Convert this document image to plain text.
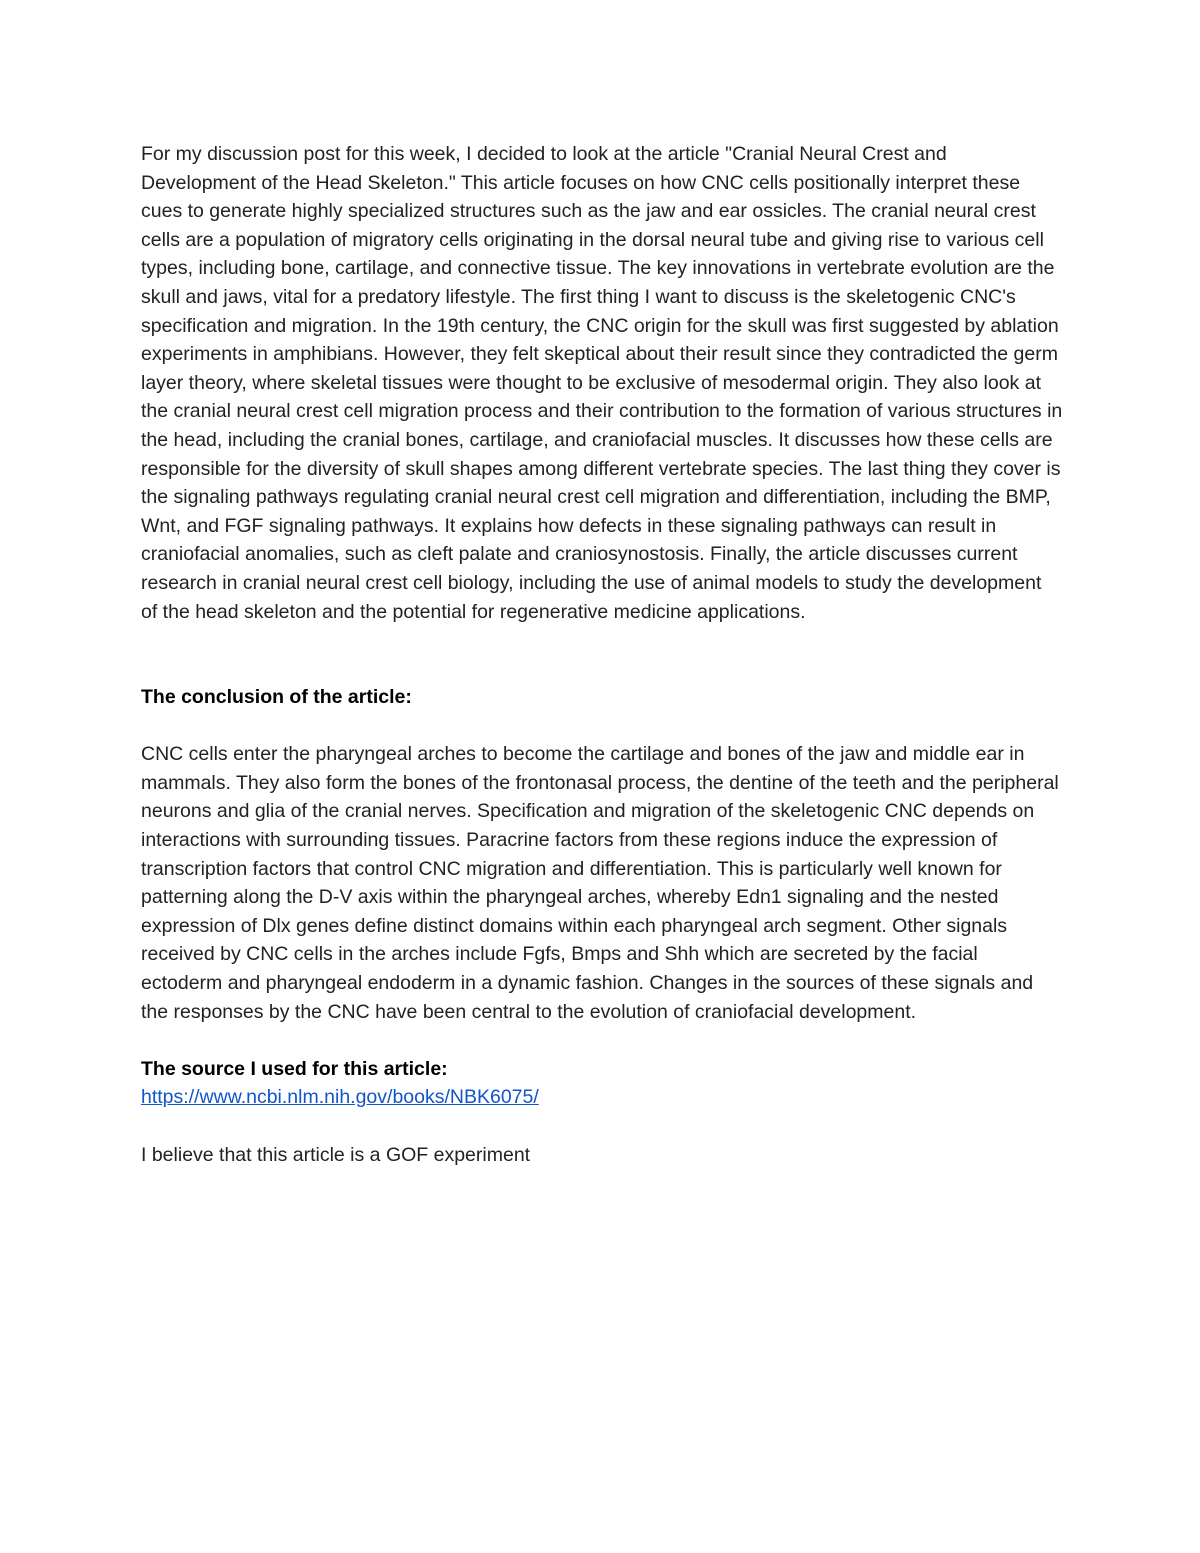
For my discussion post for this week, I decided to look at the article "Cranial Neural Crest and Development of the Head Skeleton." This article focuses on how CNC cells positionally interpret these cues to generate highly specialized structures such as the jaw and ear ossicles. The cranial neural crest cells are a population of migratory cells originating in the dorsal neural tube and giving rise to various cell types, including bone, cartilage, and connective tissue. The key innovations in vertebrate evolution are the skull and jaws, vital for a predatory lifestyle. The first thing I want to discuss is the skeletogenic CNC's specification and migration. In the 19th century, the CNC origin for the skull was first suggested by ablation experiments in amphibians. However, they felt skeptical about their result since they contradicted the germ layer theory, where skeletal tissues were thought to be exclusive of mesodermal origin. They also look at the cranial neural crest cell migration process and their contribution to the formation of various structures in the head, including the cranial bones, cartilage, and craniofacial muscles. It discusses how these cells are responsible for the diversity of skull shapes among different vertebrate species. The last thing they cover is the signaling pathways regulating cranial neural crest cell migration and differentiation, including the BMP, Wnt, and FGF signaling pathways. It explains how defects in these signaling pathways can result in craniofacial anomalies, such as cleft palate and craniosynostosis. Finally, the article discusses current research in cranial neural crest cell biology, including the use of animal models to study the development of the head skeleton and the potential for regenerative medicine applications.

The conclusion of the article:

CNC cells enter the pharyngeal arches to become the cartilage and bones of the jaw and middle ear in mammals. They also form the bones of the frontonasal process, the dentine of the teeth and the peripheral neurons and glia of the cranial nerves. Specification and migration of the skeletogenic CNC depends on interactions with surrounding tissues. Paracrine factors from these regions induce the expression of transcription factors that control CNC migration and differentiation. This is particularly well known for patterning along the D-V axis within the pharyngeal arches, whereby Edn1 signaling and the nested expression of Dlx genes define distinct domains within each pharyngeal arch segment. Other signals received by CNC cells in the arches include Fgfs, Bmps and Shh which are secreted by the facial ectoderm and pharyngeal endoderm in a dynamic fashion. Changes in the sources of these signals and the responses by the CNC have been central to the evolution of craniofacial development.

The source I used for this article:

https://www.ncbi.nlm.nih.gov/books/NBK6075/

I believe that this article is a GOF experiment
